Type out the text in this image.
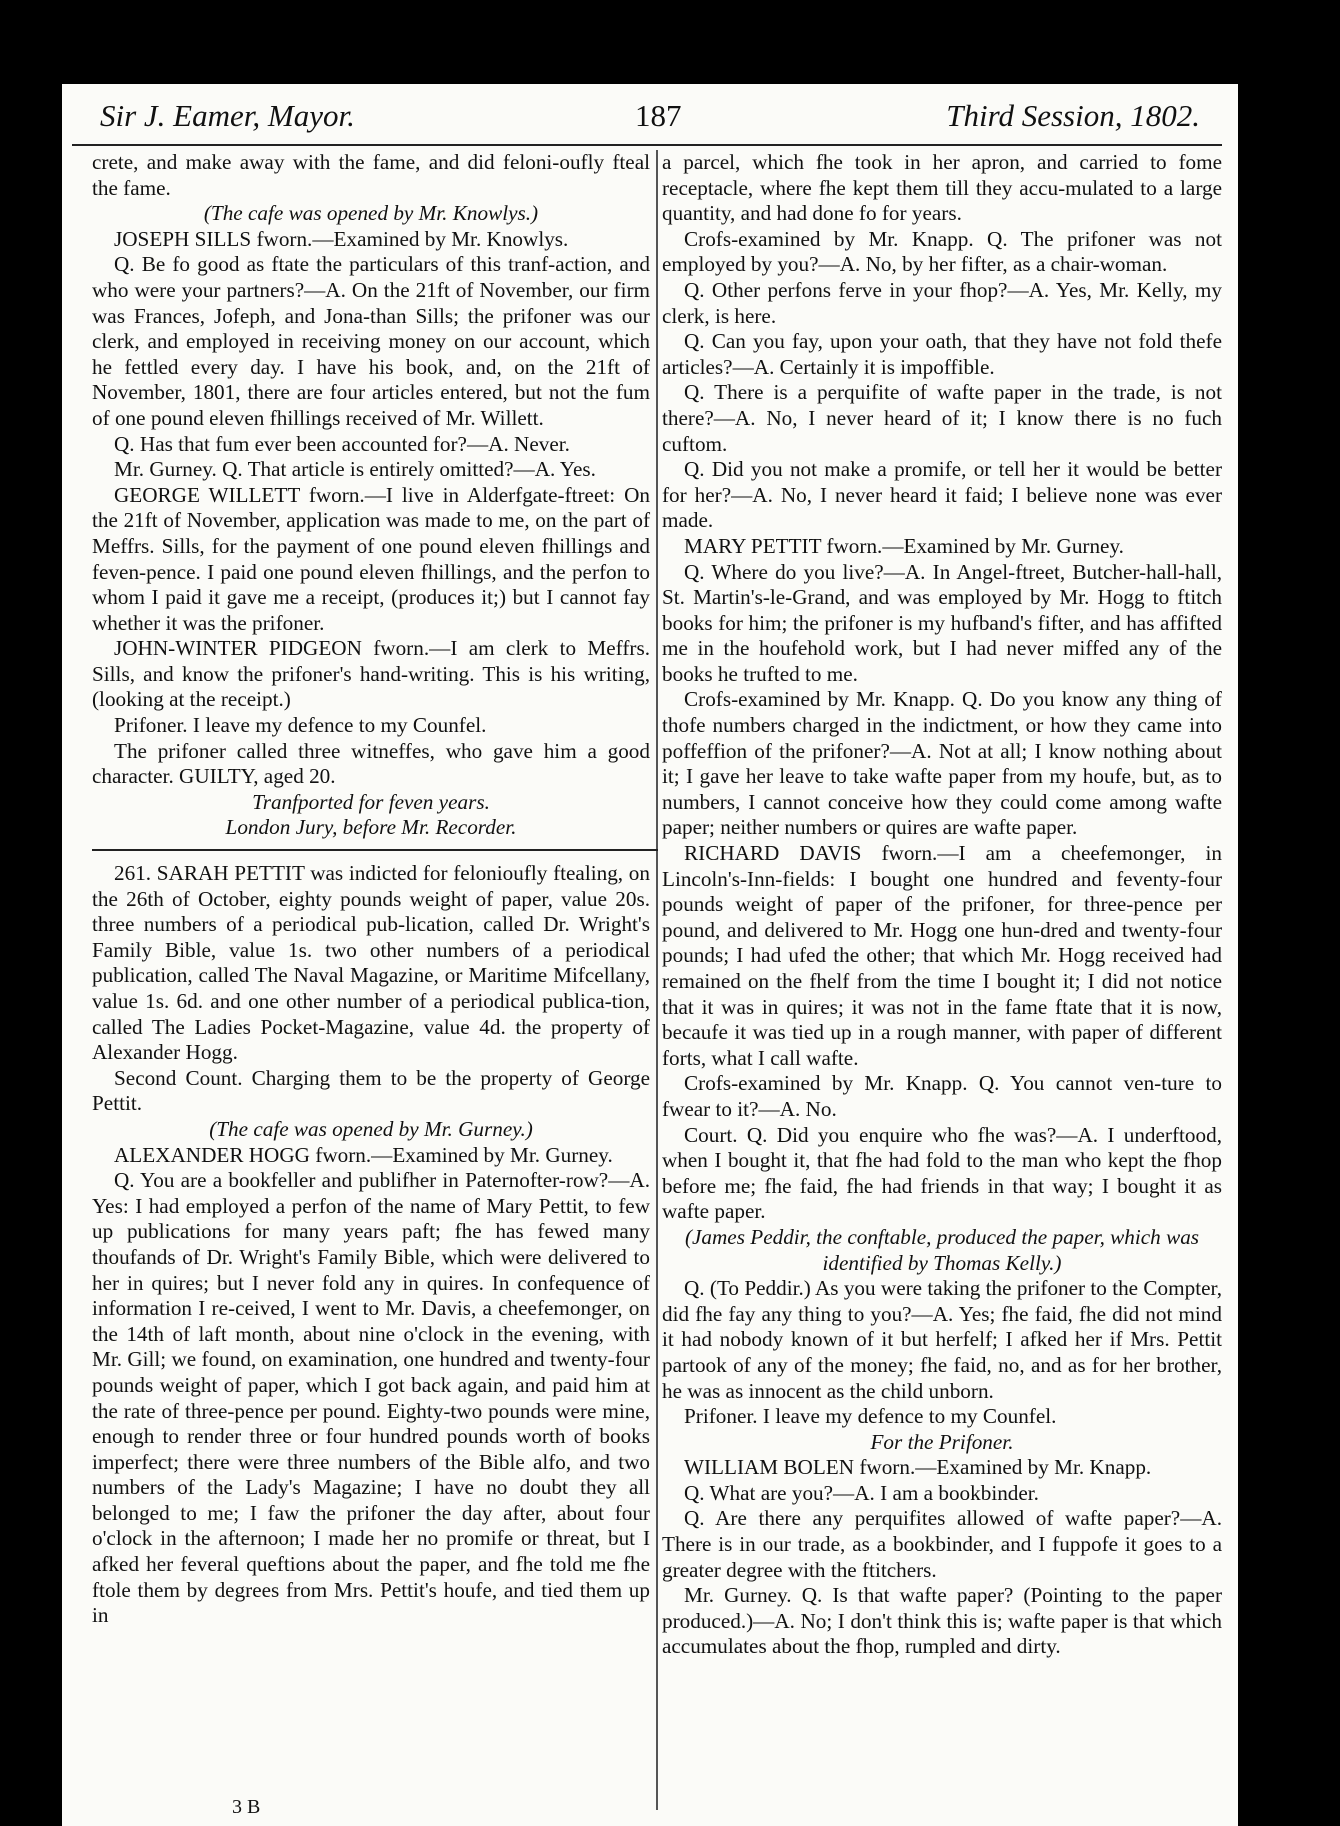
Sir J. Eamer, Mayor.	187	Third Session, 1802.

crete, and make away with the fame, and did feloni-oufly fteal the fame.

(The cafe was opened by Mr. Knowlys.)

JOSEPH SILLS fworn.—Examined by Mr. Knowlys.

Q. Be fo good as ftate the particulars of this tranf-action, and who were your partners?—A. On the 21ft of November, our firm was Frances, Jofeph, and Jona-than Sills; the prifoner was our clerk, and employed in receiving money on our account, which he fettled every day. I have his book, and, on the 21ft of November, 1801, there are four articles entered, but not the fum of one pound eleven fhillings received of Mr. Willett.

Q. Has that fum ever been accounted for?—A. Never.

Mr. Gurney. Q. That article is entirely omitted?—A. Yes.

GEORGE WILLETT fworn.—I live in Alderfgate-ftreet: On the 21ft of November, application was made to me, on the part of Meffrs. Sills, for the payment of one pound eleven fhillings and feven-pence. I paid one pound eleven fhillings, and the perfon to whom I paid it gave me a receipt, (produces it;) but I cannot fay whether it was the prifoner.

JOHN-WINTER PIDGEON fworn.—I am clerk to Meffrs. Sills, and know the prifoner's hand-writing. This is his writing, (looking at the receipt.)

Prifoner. I leave my defence to my Counfel.

The prifoner called three witneffes, who gave him a good character. GUILTY, aged 20.

Tranfported for feven years.

London Jury, before Mr. Recorder.

261. SARAH PETTIT was indicted for felonioufly ftealing, on the 26th of October, eighty pounds weight of paper, value 20s. three numbers of a periodical pub-lication, called Dr. Wright's Family Bible, value 1s. two other numbers of a periodical publication, called The Naval Magazine, or Maritime Mifcellany, value 1s. 6d. and one other number of a periodical publica-tion, called The Ladies Pocket-Magazine, value 4d. the property of Alexander Hogg.

Second Count. Charging them to be the property of George Pettit.

(The cafe was opened by Mr. Gurney.)

ALEXANDER HOGG fworn.—Examined by Mr. Gurney.

Q. You are a bookfeller and publifher in Paternofter-row?—A. Yes: I had employed a perfon of the name of Mary Pettit, to few up publications for many years paft; fhe has fewed many thoufands of Dr. Wright's Family Bible, which were delivered to her in quires; but I never fold any in quires. In confequence of information I re-ceived, I went to Mr. Davis, a cheefemonger, on the 14th of laft month, about nine o'clock in the evening, with Mr. Gill; we found, on examination, one hundred and twenty-four pounds weight of paper, which I got back again, and paid him at the rate of three-pence per pound. Eighty-two pounds were mine, enough to render three or four hundred pounds worth of books imperfect; there were three numbers of the Bible alfo, and two numbers of the Lady's Magazine; I have no doubt they all belonged to me; I faw the prifoner the day after, about four o'clock in the afternoon; I made her no promife or threat, but I afked her feveral queftions about the paper, and fhe told me fhe ftole them by degrees from Mrs. Pettit's houfe, and tied them up in

a parcel, which fhe took in her apron, and carried to fome receptacle, where fhe kept them till they accu-mulated to a large quantity, and had done fo for years.

Crofs-examined by Mr. Knapp. Q. The prifoner was not employed by you?—A. No, by her fifter, as a chair-woman.

Q. Other perfons ferve in your fhop?—A. Yes, Mr. Kelly, my clerk, is here.

Q. Can you fay, upon your oath, that they have not fold thefe articles?—A. Certainly it is impoffible.

Q. There is a perquifite of wafte paper in the trade, is not there?—A. No, I never heard of it; I know there is no fuch cuftom.

Q. Did you not make a promife, or tell her it would be better for her?—A. No, I never heard it faid; I believe none was ever made.

MARY PETTIT fworn.—Examined by Mr. Gurney.

Q. Where do you live?—A. In Angel-ftreet, Butcher-hall-hall, St. Martin's-le-Grand, and was employed by Mr. Hogg to ftitch books for him; the prifoner is my hufband's fifter, and has affifted me in the houfehold work, but I had never miffed any of the books he trufted to me.

Crofs-examined by Mr. Knapp. Q. Do you know any thing of thofe numbers charged in the indictment, or how they came into poffeffion of the prifoner?—A. Not at all; I know nothing about it; I gave her leave to take wafte paper from my houfe, but, as to numbers, I cannot conceive how they could come among wafte paper; neither numbers or quires are wafte paper.

RICHARD DAVIS fworn.—I am a cheefemonger, in Lincoln's-Inn-fields: I bought one hundred and feventy-four pounds weight of paper of the prifoner, for three-pence per pound, and delivered to Mr. Hogg one hun-dred and twenty-four pounds; I had ufed the other; that which Mr. Hogg received had remained on the fhelf from the time I bought it; I did not notice that it was in quires; it was not in the fame ftate that it is now, becaufe it was tied up in a rough manner, with paper of different forts, what I call wafte.

Crofs-examined by Mr. Knapp. Q. You cannot ven-ture to fwear to it?—A. No.

Court. Q. Did you enquire who fhe was?—A. I underftood, when I bought it, that fhe had fold to the man who kept the fhop before me; fhe faid, fhe had friends in that way; I bought it as wafte paper.

(James Peddir, the conftable, produced the paper, which was identified by Thomas Kelly.)

Q. (To Peddir.) As you were taking the prifoner to the Compter, did fhe fay any thing to you?—A. Yes; fhe faid, fhe did not mind it had nobody known of it but herfelf; I afked her if Mrs. Pettit partook of any of the money; fhe faid, no, and as for her brother, he was as innocent as the child unborn.

Prifoner. I leave my defence to my Counfel.

For the Prifoner.

WILLIAM BOLEN fworn.—Examined by Mr. Knapp.

Q. What are you?—A. I am a bookbinder.

Q. Are there any perquifites allowed of wafte paper?—A. There is in our trade, as a bookbinder, and I fuppofe it goes to a greater degree with the ftitchers.

Mr. Gurney. Q. Is that wafte paper? (Pointing to the paper produced.)—A. No; I don't think this is; wafte paper is that which accumulates about the fhop, rumpled and dirty.

3 B
